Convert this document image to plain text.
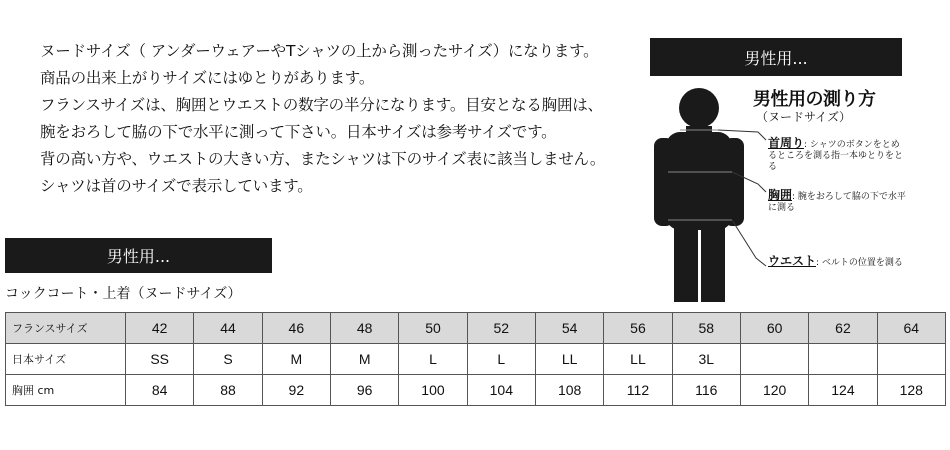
ヌードサイズ（ アンダーウェアーやTシャツの上から測ったサイズ）になります。

商品の出来上がりサイズにはゆとりがあります。

フランスサイズは、胸囲とウエストの数字の半分になります。目安となる胸囲は、

腕をおろして脇の下で水平に測って下さい。日本サイズは参考サイズです。

背の高い方や、ウエストの大きい方、またシャツは下のサイズ表に該当しません。

シャツは首のサイズで表示しています。

男性用...
男性用の測り方
（ヌードサイズ）
首周り: シャツのボタンをとめるところを測る指一本ゆとりをとる
胸囲: 腕をおろして脇の下で水平に測る
ウエスト: ベルトの位置を測る
男性用...
コックコート・上着（ヌードサイズ）
フランスサイズ	42	44	46	48	50	52	54	56	58	60	62	64
日本サイズ	SS	S	M	M	L	L	LL	LL	3L			
胸囲 cm	84	88	92	96	100	104	108	112	116	120	124	128
